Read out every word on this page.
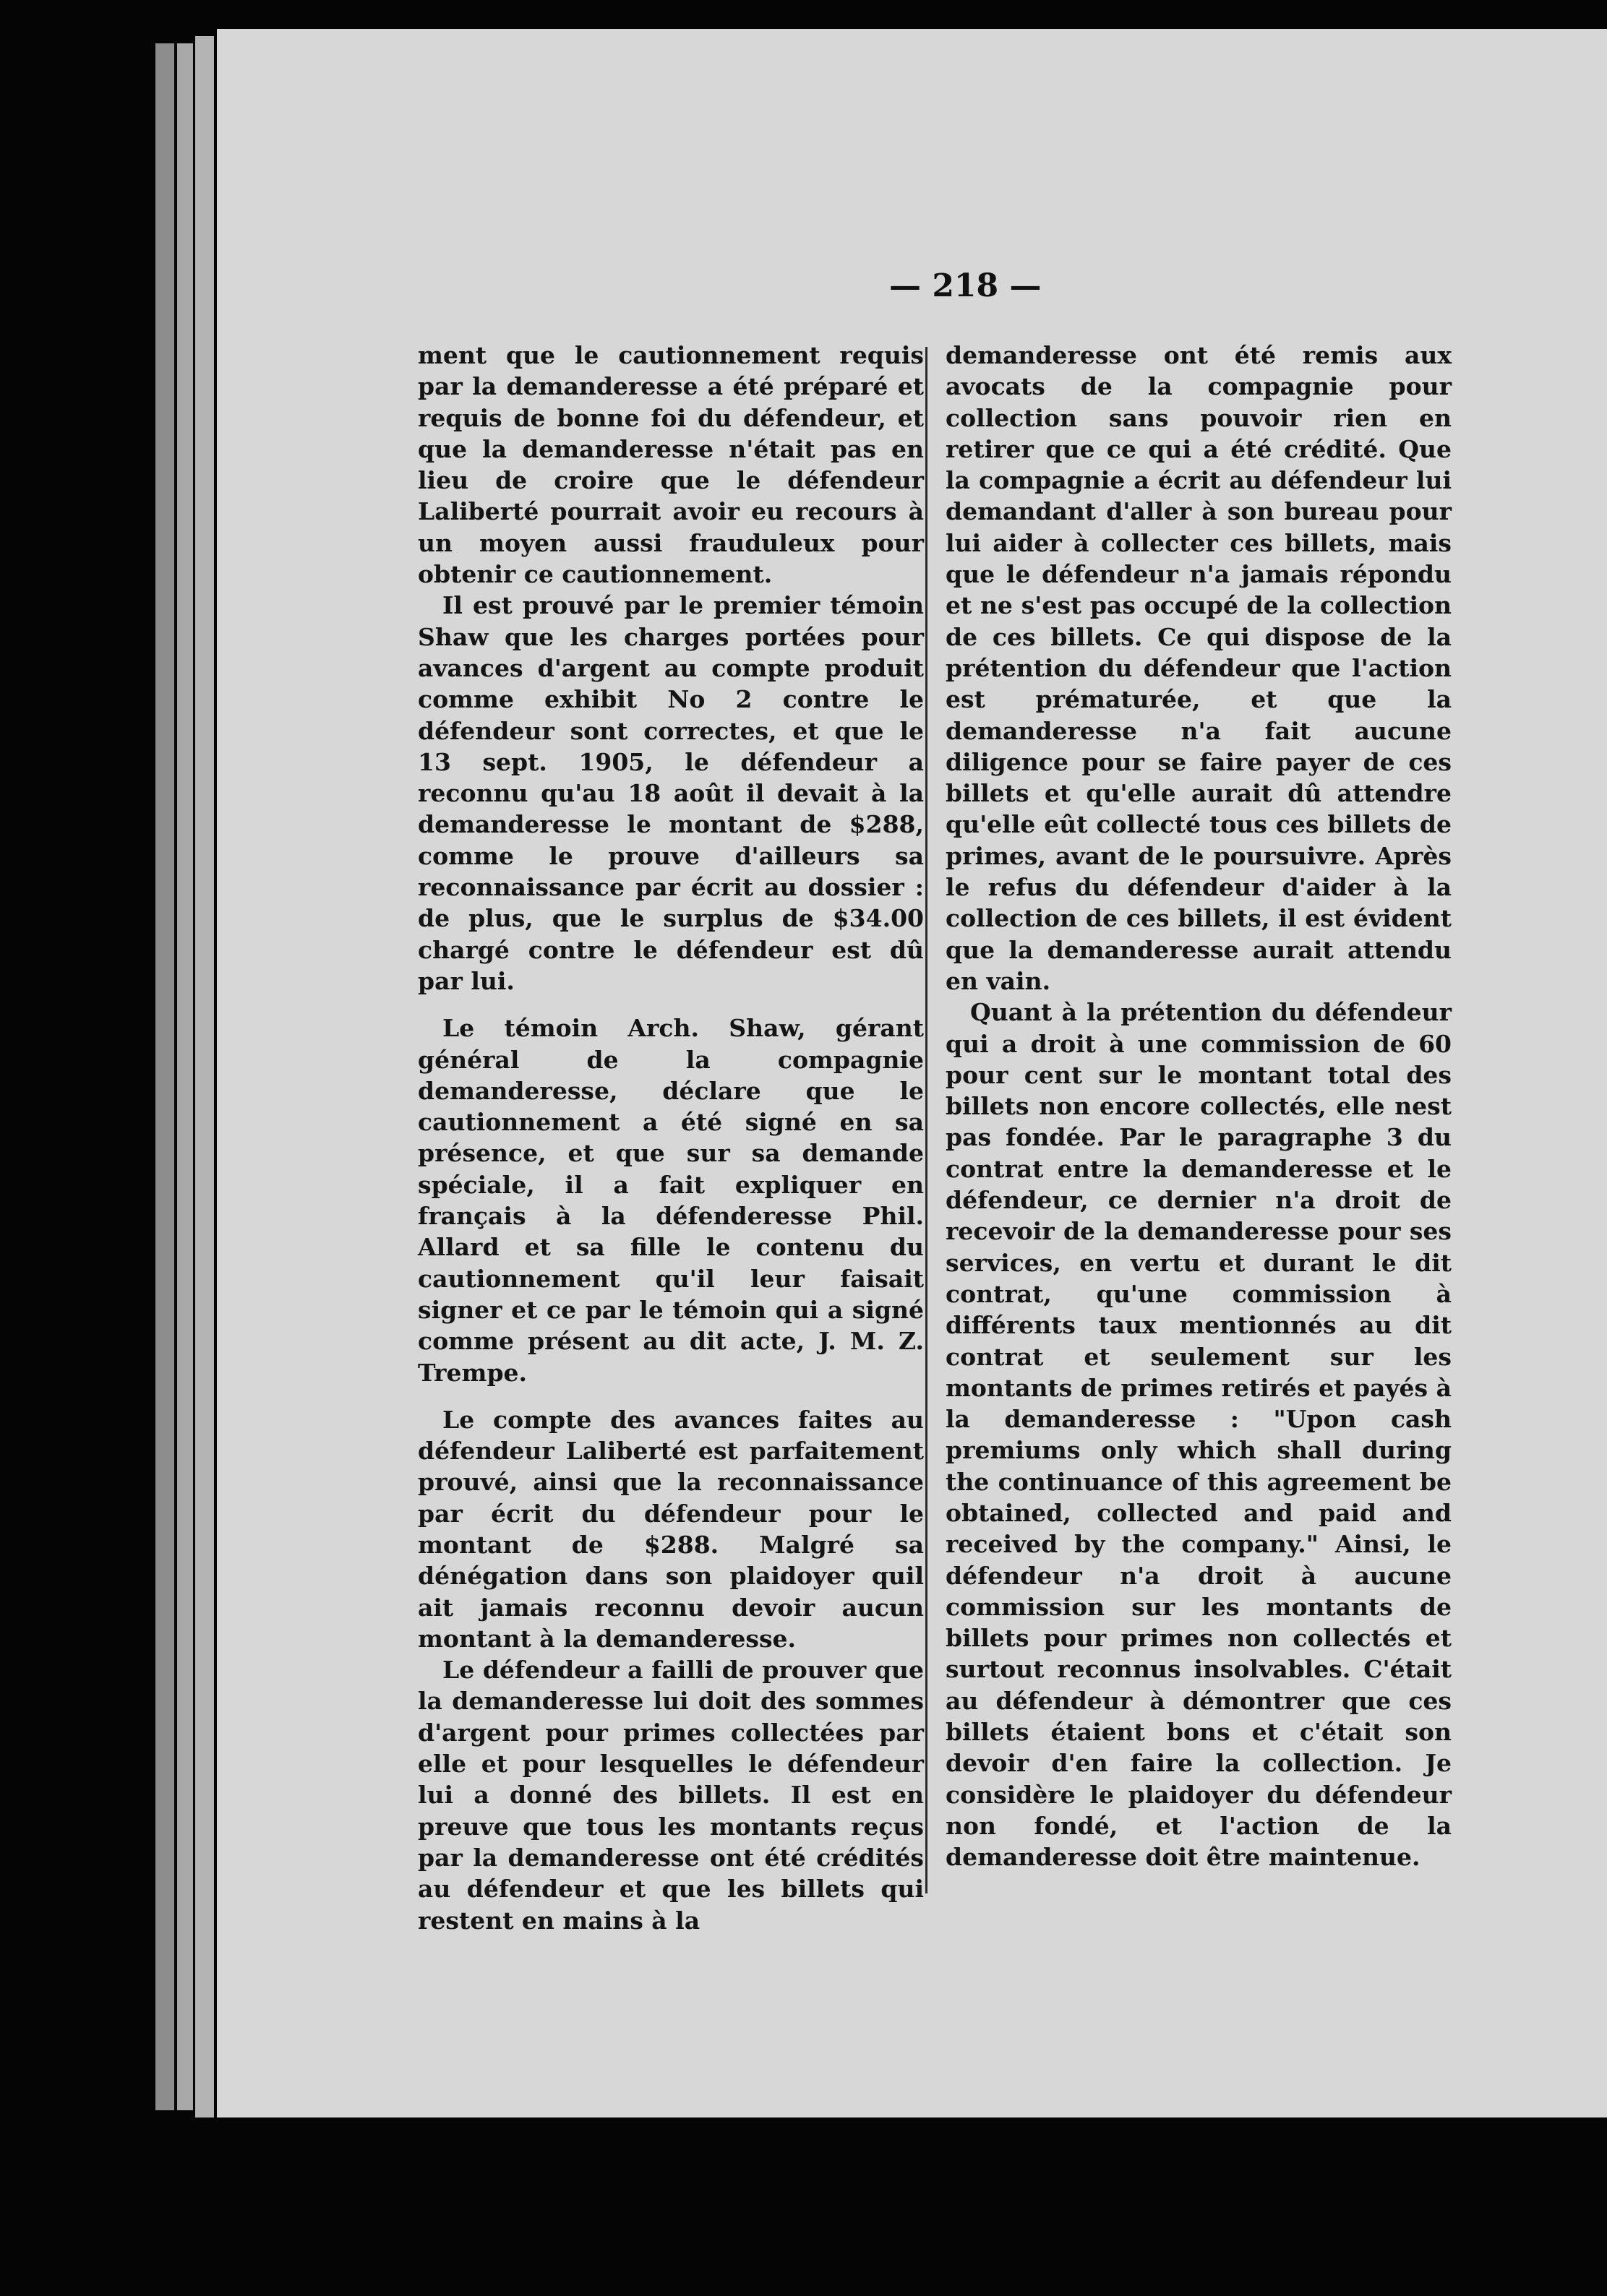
— 218 —

ment que le cautionnement requis par la demanderesse a été préparé et requis de bonne foi du défendeur, et que la demanderesse n'était pas en lieu de croire que le défendeur Laliberté pourrait avoir eu recours à un moyen aussi frauduleux pour obtenir ce cautionnement.

Il est prouvé par le premier témoin Shaw que les charges portées pour avances d'argent au compte produit comme exhibit No 2 contre le défendeur sont correctes, et que le 13 sept. 1905, le défendeur a reconnu qu'au 18 août il devait à la demanderesse le montant de $288, comme le prouve d'ailleurs sa reconnaissance par écrit au dossier : de plus, que le surplus de $34.00 chargé contre le défendeur est dû par lui.

Le témoin Arch. Shaw, gérant général de la compagnie demanderesse, déclare que le cautionnement a été signé en sa présence, et que sur sa demande spéciale, il a fait expliquer en français à la défenderesse Phil. Allard et sa fille le contenu du cautionnement qu'il leur faisait signer et ce par le témoin qui a signé comme présent au dit acte, J. M. Z. Trempe.

Le compte des avances faites au défendeur Laliberté est parfaitement prouvé, ainsi que la reconnaissance par écrit du défendeur pour le montant de $288. Malgré sa dénégation dans son plaidoyer quil ait jamais reconnu devoir aucun montant à la demanderesse.

Le défendeur a failli de prouver que la demanderesse lui doit des sommes d'argent pour primes collectées par elle et pour lesquelles le défendeur lui a donné des billets. Il est en preuve que tous les montants reçus par la demanderesse ont été crédités au défendeur et que les billets qui restent en mains à la

demanderesse ont été remis aux avocats de la compagnie pour collection sans pouvoir rien en retirer que ce qui a été crédité. Que la compagnie a écrit au défendeur lui demandant d'aller à son bureau pour lui aider à collecter ces billets, mais que le défendeur n'a jamais répondu et ne s'est pas occupé de la collection de ces billets. Ce qui dispose de la prétention du défendeur que l'action est prématurée, et que la demanderesse n'a fait aucune diligence pour se faire payer de ces billets et qu'elle aurait dû attendre qu'elle eût collecté tous ces billets de primes, avant de le poursuivre. Après le refus du défendeur d'aider à la collection de ces billets, il est évident que la demanderesse aurait attendu en vain.

Quant à la prétention du défendeur qui a droit à une commission de 60 pour cent sur le montant total des billets non encore collectés, elle nest pas fondée. Par le paragraphe 3 du contrat entre la demanderesse et le défendeur, ce dernier n'a droit de recevoir de la demanderesse pour ses services, en vertu et durant le dit contrat, qu'une commission à différents taux mentionnés au dit contrat et seulement sur les montants de primes retirés et payés à la demanderesse : "Upon cash premiums only which shall during the continuance of this agreement be obtained, collected and paid and received by the company." Ainsi, le défendeur n'a droit à aucune commission sur les montants de billets pour primes non collectés et surtout reconnus insolvables. C'était au défendeur à démontrer que ces billets étaient bons et c'était son devoir d'en faire la collection. Je considère le plaidoyer du défendeur non fondé, et l'action de la demanderesse doit être maintenue.
